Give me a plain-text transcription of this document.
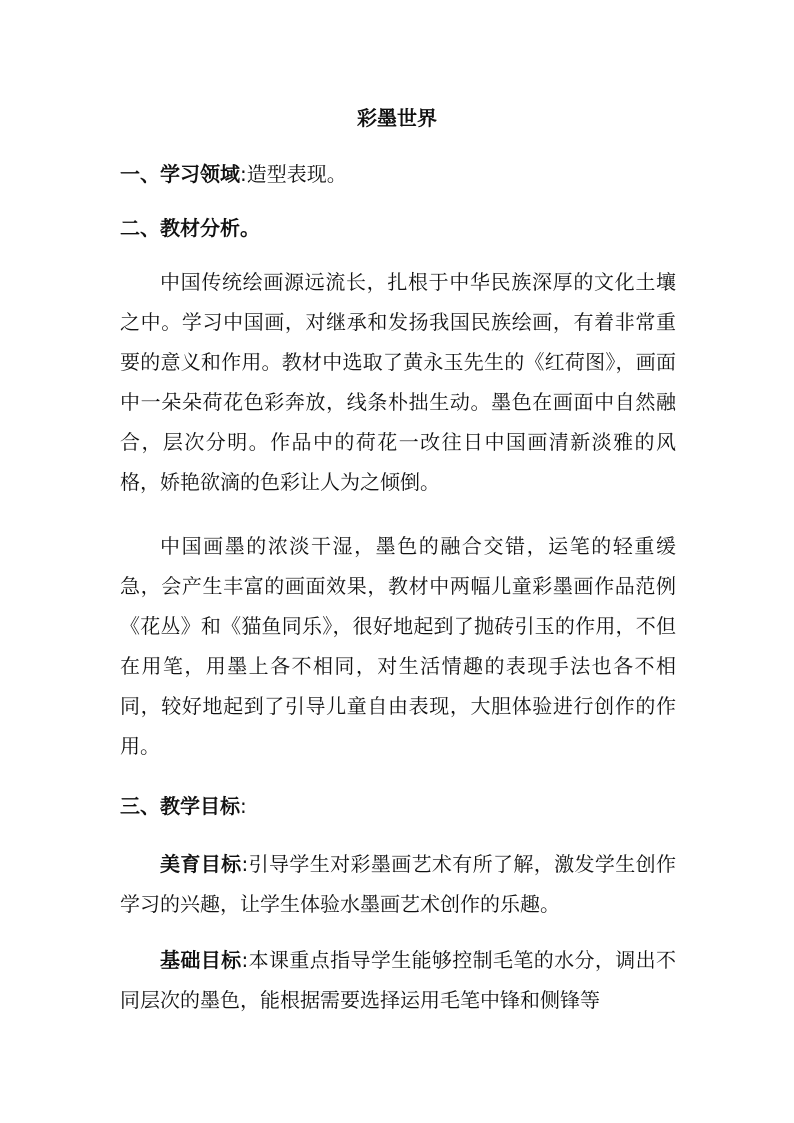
彩墨世界

一、学习领域:造型表现。

二、教材分析。

中国传统绘画源远流长，扎根于中华民族深厚的文化土壤之中。学习中国画，对继承和发扬我国民族绘画，有着非常重要的意义和作用。教材中选取了黄永玉先生的《红荷图》，画面中一朵朵荷花色彩奔放，线条朴拙生动。墨色在画面中自然融合，层次分明。作品中的荷花一改往日中国画清新淡雅的风格，娇艳欲滴的色彩让人为之倾倒。

中国画墨的浓淡干湿，墨色的融合交错，运笔的轻重缓急，会产生丰富的画面效果，教材中两幅儿童彩墨画作品范例《花丛》和《猫鱼同乐》，很好地起到了抛砖引玉的作用，不但在用笔，用墨上各不相同，对生活情趣的表现手法也各不相同，较好地起到了引导儿童自由表现，大胆体验进行创作的作用。

三、教学目标:

美育目标:引导学生对彩墨画艺术有所了解，激发学生创作学习的兴趣，让学生体验水墨画艺术创作的乐趣。

基础目标:本课重点指导学生能够控制毛笔的水分，调出不同层次的墨色，能根据需要选择运用毛笔中锋和侧锋等
